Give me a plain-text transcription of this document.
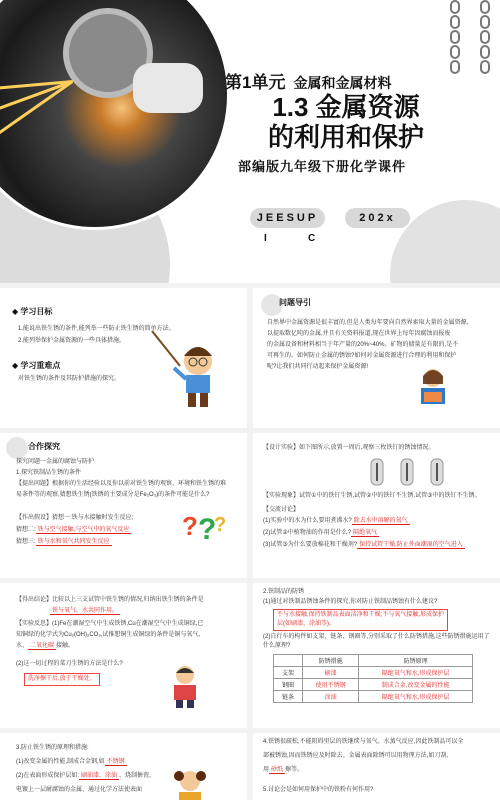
第1单元 金属和金属材料
1.3 金属资源
的利用和保护
部编版九年级下册化学课件
JEESUP	202x
I	C
◆ 学习目标
1.能说出铁生锈的条件,能列举一些防止铁生锈的简单方法。
2.能列举保护金属资源的一些具体措施。
◆ 学习重难点
对铁生锈的条件及其防护措施的探究。
问题导引
自然界中金属资源是很丰富的,但是人类每年要向自然界索取大量的金属资源,
以提取数亿吨的金属,并且有关资料报道,现在世界上每年因腐蚀而报废
的金属设备和材料相当于年产量的20%~40%。矿物的储量是有限的,是不
可再生的。如何防止金属的锈蚀?如何对金属资源进行合理的利用和保护
呢?让我们共同行动起来保护金属资源!
合作探究
探究问题一金属的腐蚀与防护
1.探究铁制品生锈的条件
【提出问题】根据你的生活经验以及你以前对铁生锈的观察、环境和铁生锈的难
易条件等的观察,猜想铁生锈(铁锈的主要成分是Fe₂O₃)的条件可能是什么?
【作出假设】猜想一:铁与水接触时发生反应;
猜想二: 铁与空气接触,与空气中的氧气反应
猜想三: 铁与水和氧气共同发生反应
? ?
?
【设计实验】如下图所示,放置一周后,观察三枚铁钉的锈蚀情况。
【实验现象】试管①中的铁钉生锈,试管②中的铁钉不生锈,试管③中的铁钉不生锈。
【交流讨论】
(1)实验中的水为什么要用煮沸水? 除去水中溶解的氧气
(2)试管②中植物油的作用是什么? 隔绝氧气
(3)试管③为什么要放棉花和干燥剂? 保持试管干燥,防止外面潮湿的空气进入
【得出结论】比较以上三支试管中铁生锈的情况,归纳出铁生锈的条件是
铁与氧气、水共同作用。
【实验反思】(1)Fe在潮湿空气中生成铁锈,Cu在潮湿空气中生成铜绿,已
知铜绿的化学式为Cu₂(OH)₂CO₃,试推想铜生成铜绿的条件是铜与氧气、
水、 二氧化碳 接触。
(2)这一切过程的菜刀生锈的方法是什么?
洗净擦干后,放于干燥处。
2.铁制品的防锈
(1)通过对铁制品锈蚀条件的探究,你对防止铁制品锈蚀有什么建议?
不与水接触,保持铁制品表面洁净和干燥;不与氧气接触,形成保护层(如刷漆、涂油等)。
(2)自行车的构件如支架、链条、钢圈等,分别采取了什么防锈措施,这些防锈措施运用了什么原理?
	防锈措施	防锈原理
支架	刷漆	隔绝氧气和水,形成保护层
钢圈	使用不锈钢	制成合金,改变金属的性能
链条	涂油	隔绝氧气和水,形成保护层
3.防止铁生锈的原理和措施:
(1)改变金属的性能,制成合金钢,如 不锈钢
(2)在表面形成保护层如: 刷油漆、涂油 、烧制搪瓷、
电镀上一层耐腐蚀的金属、通过化学方法使表面
4.铁锈很疏松,不能阻碍里层的铁继续与氧气、水蒸气反应,因此铁制品可以全
部被锈蚀,因而铁锈应及时除去。金属表面除锈可以用物理方法,如刀刮、
用 砂纸 擦等。
5.讨论会是如何用保护中的铁粉有何作用?
